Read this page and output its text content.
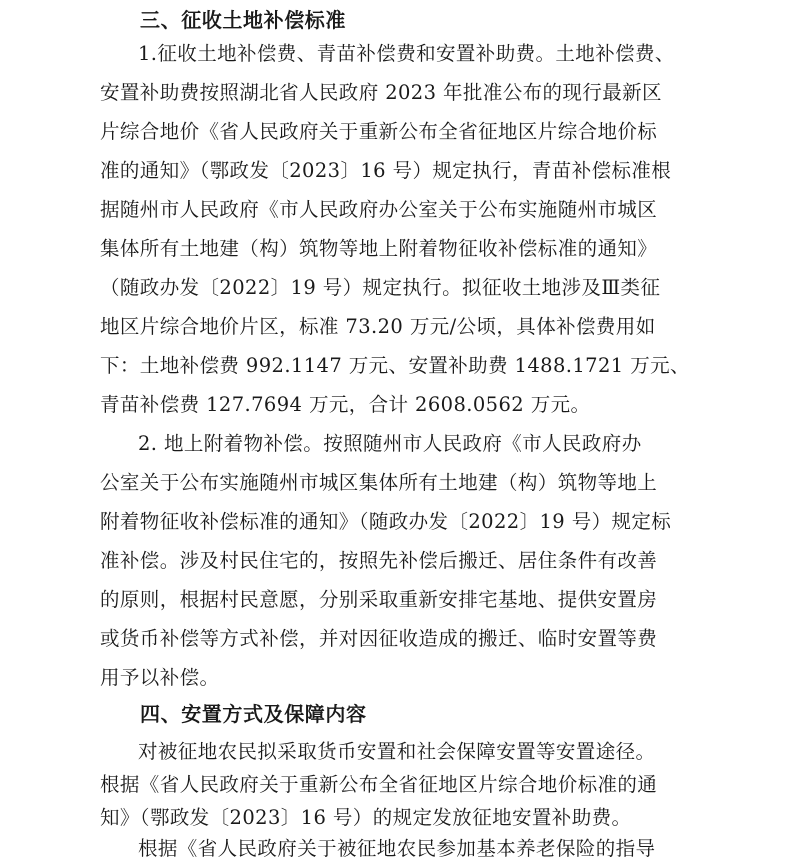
三、征收土地补偿标准
1.征收土地补偿费、青苗补偿费和安置补助费。土地补偿费、
安置补助费按照湖北省人民政府 2023 年批准公布的现行最新区
片综合地价《省人民政府关于重新公布全省征地区片综合地价标
准的通知》（鄂政发〔2023〕16 号）规定执行，青苗补偿标准根
据随州市人民政府《市人民政府办公室关于公布实施随州市城区
集体所有土地建（构）筑物等地上附着物征收补偿标准的通知》
（随政办发〔2022〕19 号）规定执行。拟征收土地涉及Ⅲ类征
地区片综合地价片区，标准 73.20 万元/公顷，具体补偿费用如
下：土地补偿费 992.1147 万元、安置补助费 1488.1721 万元、
青苗补偿费 127.7694 万元，合计 2608.0562 万元。
2. 地上附着物补偿。按照随州市人民政府《市人民政府办
公室关于公布实施随州市城区集体所有土地建（构）筑物等地上
附着物征收补偿标准的通知》（随政办发〔2022〕19 号）规定标
准补偿。涉及村民住宅的，按照先补偿后搬迁、居住条件有改善
的原则，根据村民意愿，分别采取重新安排宅基地、提供安置房
或货币补偿等方式补偿，并对因征收造成的搬迁、临时安置等费
用予以补偿。
四、安置方式及保障内容
对被征地农民拟采取货币安置和社会保障安置等安置途径。
根据《省人民政府关于重新公布全省征地区片综合地价标准的通
知》（鄂政发〔2023〕16 号）的规定发放征地安置补助费。
根据《省人民政府关于被征地农民参加基本养老保险的指导
